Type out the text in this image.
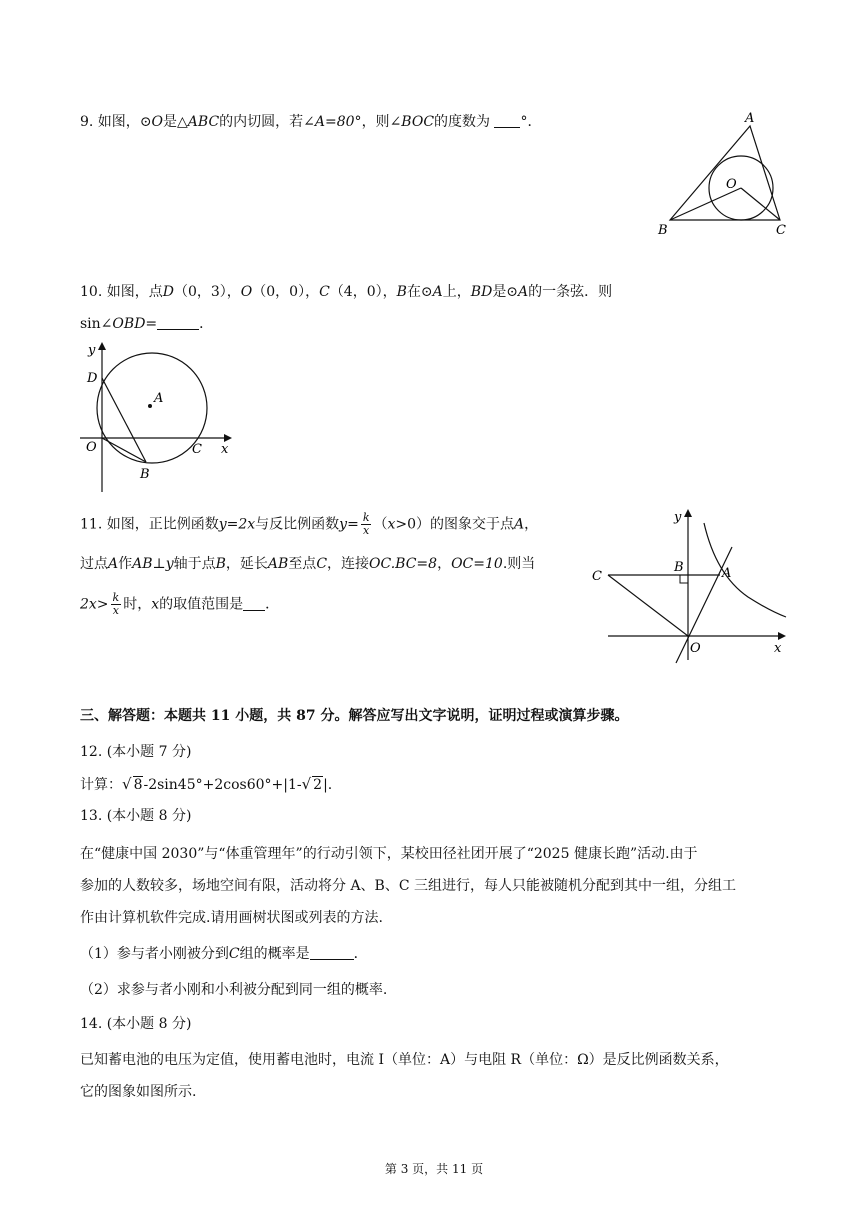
9. 如图，⊙O是△ABC的内切圆，若∠A=80°，则∠BOC的度数为 °．	A
O
B	C
10. 如图，点D（0，3），O（0，0），C（4，0），B在⊙A上，BD是⊙A的一条弦．则
sin∠OBD=	．
y
D
A
O	C x
B
11. 如图，正比例函数y=2x与反比例函数$y= \frac{k}{x} (x>0)$的图象交于点A，
过点A作AB⊥y轴于点B，延长AB至点C，连接OC.BC=8，OC=10.则当
$2x> \frac{k}{x}$ 时，x的取值范围是 ．
y
B
C	A
O	x
三、解答题：本题共 11 小题，共 87 分。解答应写出文字说明，证明过程或演算步骤。
12. (本小题 7 分)
计算：√ 8-2sin45°+2cos60°+|1-√ 2|.
13. (本小题 8 分)
在“健康中国 2030”与“体重管理年”的行动引领下，某校田径社团开展了“2025 健康长跑”活动.由于
参加的人数较多，场地空间有限，活动将分 A、B、C 三组进行，每人只能被随机分配到其中一组，分组工
作由计算机软件完成.请用画树状图或列表的方法.
（1）参与者小刚被分到C组的概率是	．
（2）求参与者小刚和小利被分配到同一组的概率.
14. (本小题 8 分)
已知蓄电池的电压为定值，使用蓄电池时，电流 I（单位：A）与电阻 R（单位：Ω）是反比例函数关系，
它的图象如图所示.
第 3 页，共 11 页
